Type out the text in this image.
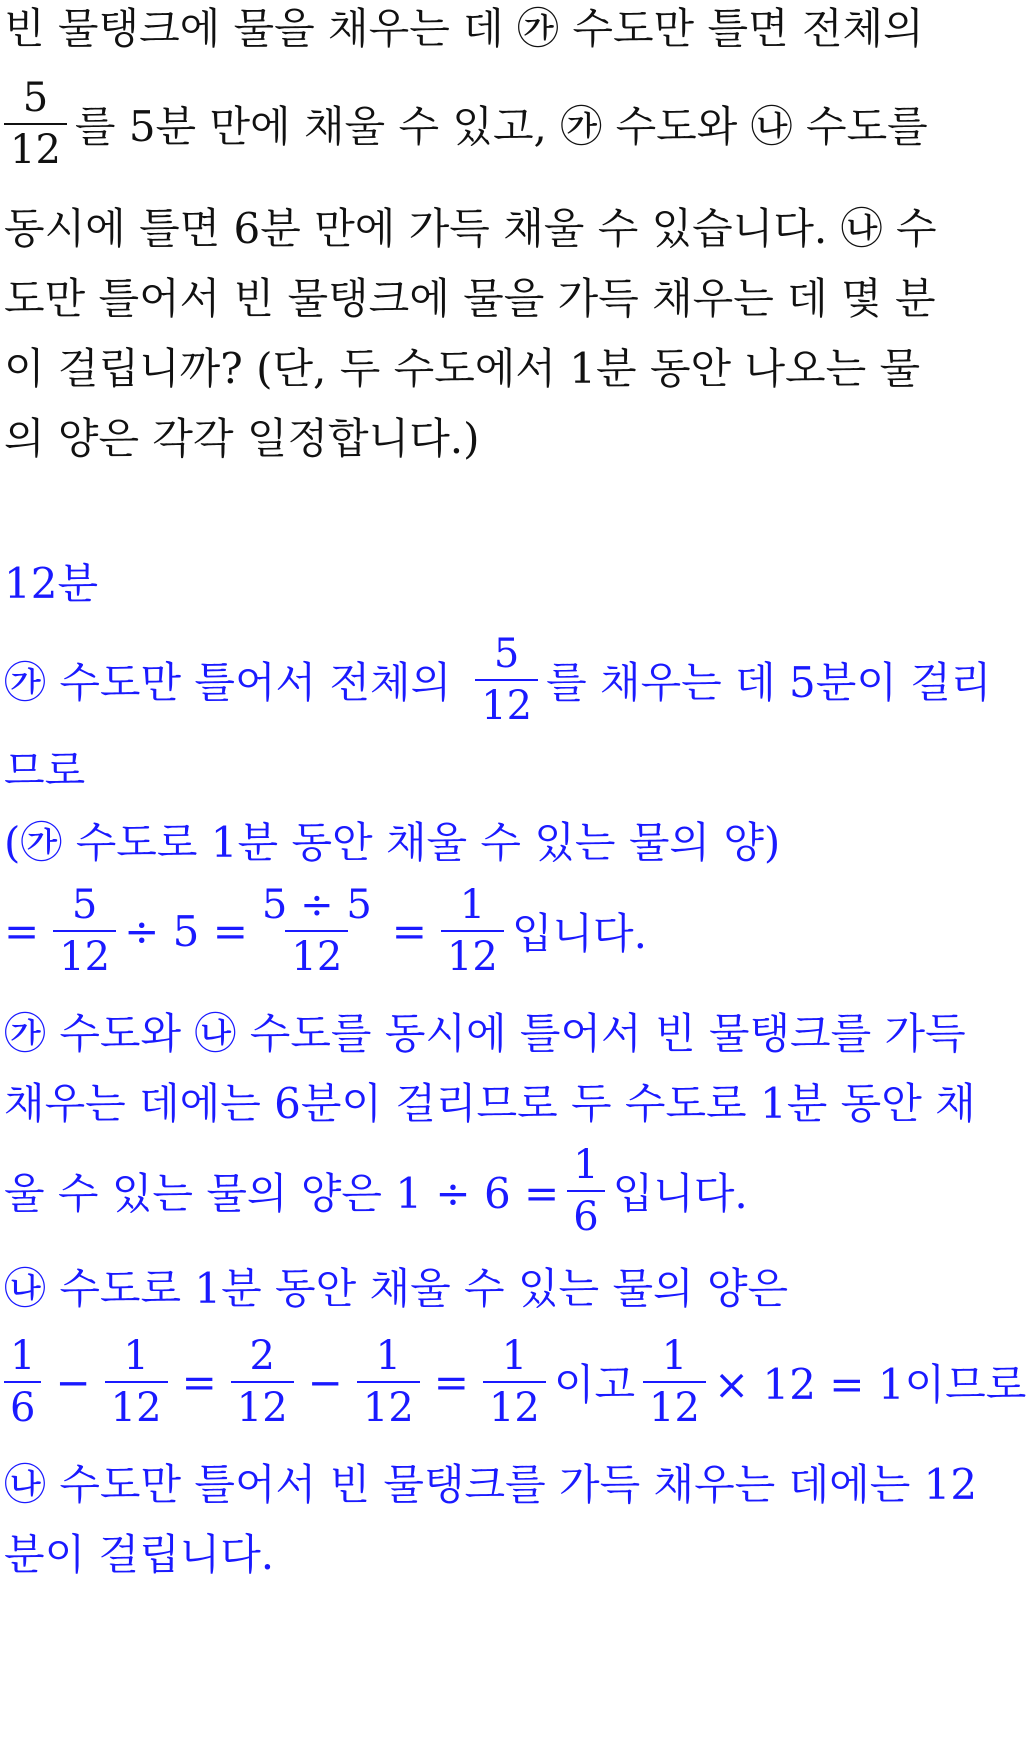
빈 물탱크에 물을 채우는 데 ㉮ 수도만 틀면 전체의
$\frac{5}{12}$ 를 5분 만에 채울 수 있고, ㉮ 수도와 ㉯ 수도를
동시에 틀면 6분 만에 가득 채울 수 있습니다. ㉯ 수
도만 틀어서 빈 물탱크에 물을 가득 채우는 데 몇 분
이 걸립니까? (단, 두 수도에서 1분 동안 나오는 물
의 양은 각각 일정합니다.)
12분
㉮ 수도만 틀어서 전체의 $\frac{5}{12}$ 를 채우는 데 5분이 걸리
므로
(㉮ 수도로 1분 동안 채울 수 있는 물의 양)
= $\frac{5}{12} \div 5 = \frac{5 \div 5}{12} = \frac{1}{12}$ 입니다.
㉮ 수도와 ㉯ 수도를 동시에 틀어서 빈 물탱크를 가득
채우는 데에는 6분이 걸리므로 두 수도로 1분 동안 채
울 수 있는 물의 양은 $1 \div 6 = \frac{1}{6}$ 입니다.
㉯ 수도로 1분 동안 채울 수 있는 물의 양은
$\frac{1}{6} - \frac{1}{12} = \frac{2}{12} - \frac{1}{12} = \frac{1}{12}$ 이고 $\frac{1}{12} \times 12 = 1$이므로
㉯ 수도만 틀어서 빈 물탱크를 가득 채우는 데에는 12
분이 걸립니다.
